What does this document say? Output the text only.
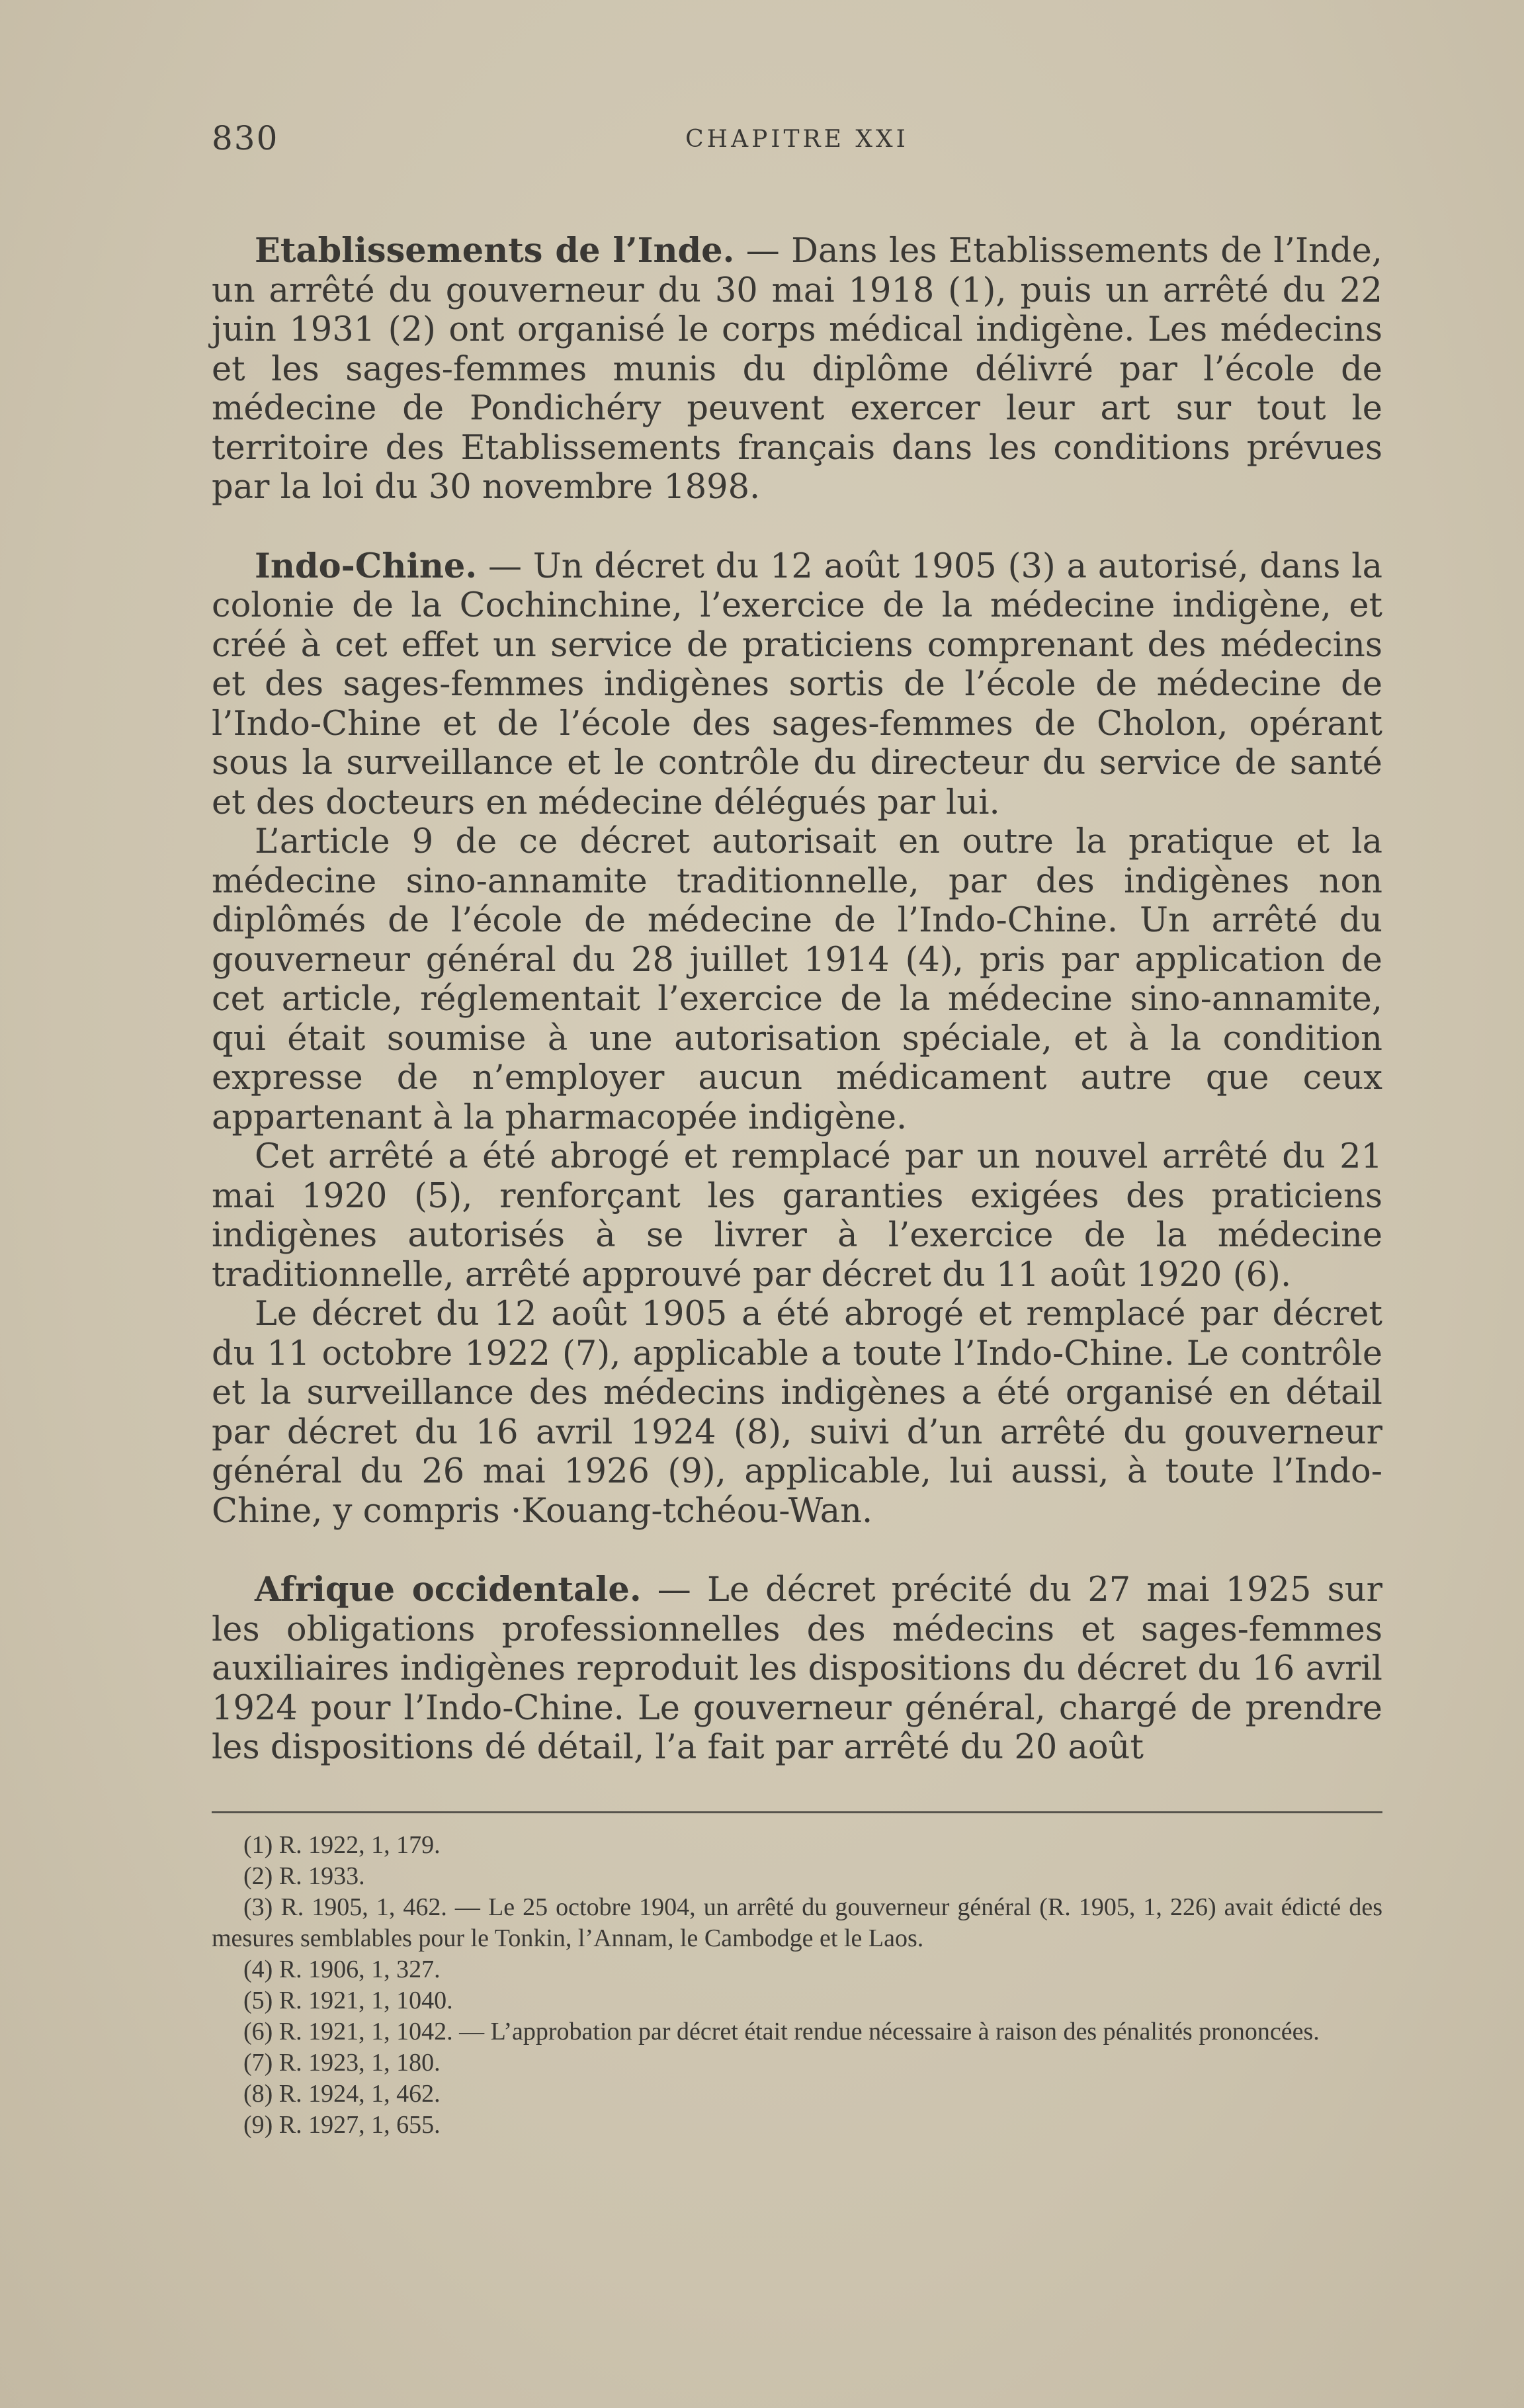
830	CHAPITRE XXI

Etablissements de l’Inde. — Dans les Etablissements de l’Inde, un arrêté du gouverneur du 30 mai 1918 (1), puis un arrêté du 22 juin 1931 (2) ont organisé le corps médical indigène. Les médecins et les sages-femmes munis du diplôme délivré par l’école de médecine de Pondichéry peuvent exercer leur art sur tout le territoire des Etablissements français dans les conditions prévues par la loi du 30 novembre 1898.

Indo-Chine. — Un décret du 12 août 1905 (3) a autorisé, dans la colonie de la Cochinchine, l’exercice de la médecine indigène, et créé à cet effet un service de praticiens comprenant des médecins et des sages-femmes indigènes sortis de l’école de médecine de l’Indo-Chine et de l’école des sages-femmes de Cholon, opérant sous la surveillance et le contrôle du directeur du service de santé et des docteurs en médecine délégués par lui.

L’article 9 de ce décret autorisait en outre la pratique et la médecine sino-annamite traditionnelle, par des indigènes non diplômés de l’école de médecine de l’Indo-Chine. Un arrêté du gouverneur général du 28 juillet 1914 (4), pris par application de cet article, réglementait l’exercice de la médecine sino-annamite, qui était soumise à une autorisation spéciale, et à la condition expresse de n’employer aucun médicament autre que ceux appartenant à la pharmacopée indigène.

Cet arrêté a été abrogé et remplacé par un nouvel arrêté du 21 mai 1920 (5), renforçant les garanties exigées des praticiens indigènes autorisés à se livrer à l’exercice de la médecine traditionnelle, arrêté approuvé par décret du 11 août 1920 (6).

Le décret du 12 août 1905 a été abrogé et remplacé par décret du 11 octobre 1922 (7), applicable a toute l’Indo-Chine. Le contrôle et la surveillance des médecins indigènes a été organisé en détail par décret du 16 avril 1924 (8), suivi d’un arrêté du gouverneur général du 26 mai 1926 (9), applicable, lui aussi, à toute l’Indo-Chine, y compris ·Kouang-tchéou-Wan.

Afrique occidentale. — Le décret précité du 27 mai 1925 sur les obligations professionnelles des médecins et sages-femmes auxiliaires indigènes reproduit les dispositions du décret du 16 avril 1924 pour l’Indo-Chine. Le gouverneur général, chargé de prendre les dispositions dé détail, l’a fait par arrêté du 20 août

(1) R. 1922, 1, 179.

(2) R. 1933.

(3) R. 1905, 1, 462. — Le 25 octobre 1904, un arrêté du gouverneur général (R. 1905, 1, 226) avait édicté des mesures semblables pour le Tonkin, l’Annam, le Cambodge et le Laos.

(4) R. 1906, 1, 327.

(5) R. 1921, 1, 1040.

(6) R. 1921, 1, 1042. — L’approbation par décret était rendue nécessaire à raison des pénalités prononcées.

(7) R. 1923, 1, 180.

(8) R. 1924, 1, 462.

(9) R. 1927, 1, 655.
